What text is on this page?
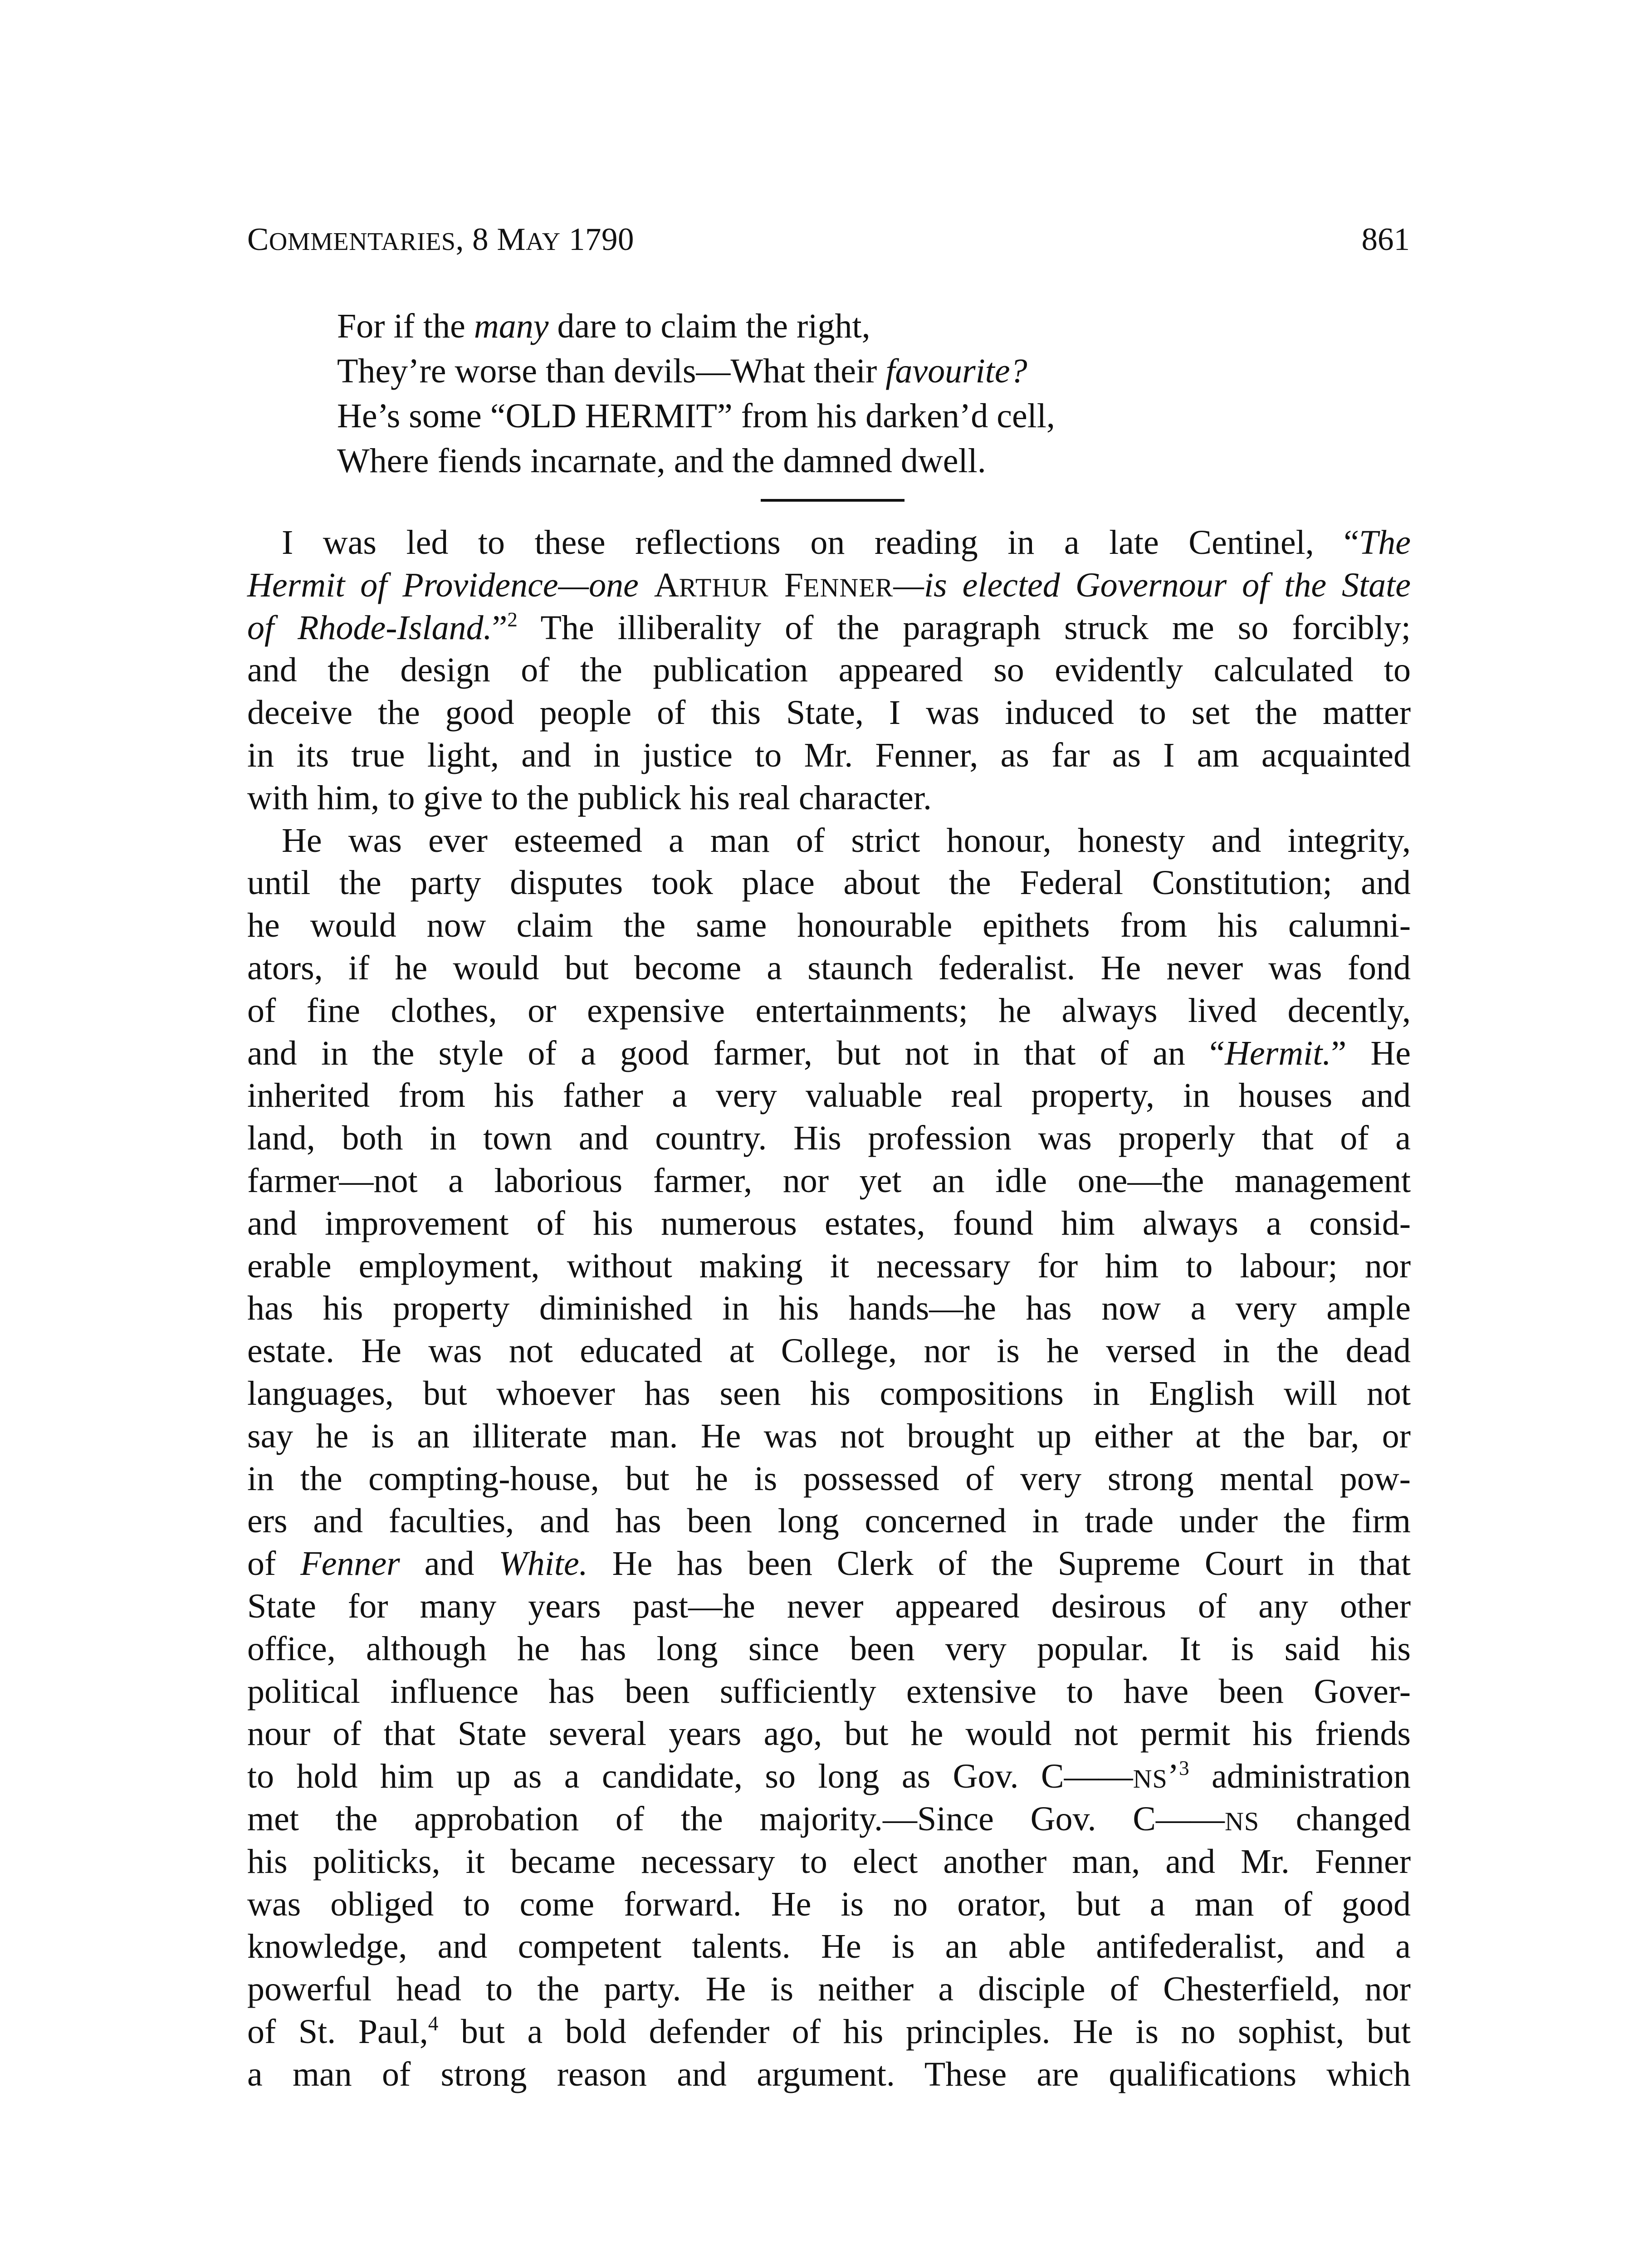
COMMENTARIES, 8 MAY 1790	861
For if the many dare to claim the right,
They’re worse than devils—What their favourite?
He’s some “OLD HERMIT” from his darken’d cell,
Where fiends incarnate, and the damned dwell.
I was led to these reflections on reading in a late Centinel, “The
Hermit of Providence—one ARTHUR FENNER—is elected Governour of the State
of Rhode-Island.”$^2$ The illiberality of the paragraph struck me so forcibly;
and the design of the publication appeared so evidently calculated to
deceive the good people of this State, I was induced to set the matter
in its true light, and in justice to Mr. Fenner, as far as I am acquainted
with him, to give to the publick his real character.
He was ever esteemed a man of strict honour, honesty and integrity,
until the party disputes took place about the Federal Constitution; and
he would now claim the same honourable epithets from his calumni-
ators, if he would but become a staunch federalist. He never was fond
of fine clothes, or expensive entertainments; he always lived decently,
and in the style of a good farmer, but not in that of an “Hermit.” He
inherited from his father a very valuable real property, in houses and
land, both in town and country. His profession was properly that of a
farmer—not a laborious farmer, nor yet an idle one—the management
and improvement of his numerous estates, found him always a consid-
erable employment, without making it necessary for him to labour; nor
has his property diminished in his hands—he has now a very ample
estate. He was not educated at College, nor is he versed in the dead
languages, but whoever has seen his compositions in English will not
say he is an illiterate man. He was not brought up either at the bar, or
in the compting-house, but he is possessed of very strong mental pow-
ers and faculties, and has been long concerned in trade under the firm
of Fenner and White. He has been Clerk of the Supreme Court in that
State for many years past—he never appeared desirous of any other
office, although he has long since been very popular. It is said his
political influence has been sufficiently extensive to have been Gover-
nour of that State several years ago, but he would not permit his friends
to hold him up as a candidate, so long as Gov. C——NS’$^3$ administration
met the approbation of the majority.—Since Gov. C——NS changed
his politicks, it became necessary to elect another man, and Mr. Fenner
was obliged to come forward. He is no orator, but a man of good
knowledge, and competent talents. He is an able antifederalist, and a
powerful head to the party. He is neither a disciple of Chesterfield, nor
of St. Paul,$^4$ but a bold defender of his principles. He is no sophist, but
a man of strong reason and argument. These are qualifications which
